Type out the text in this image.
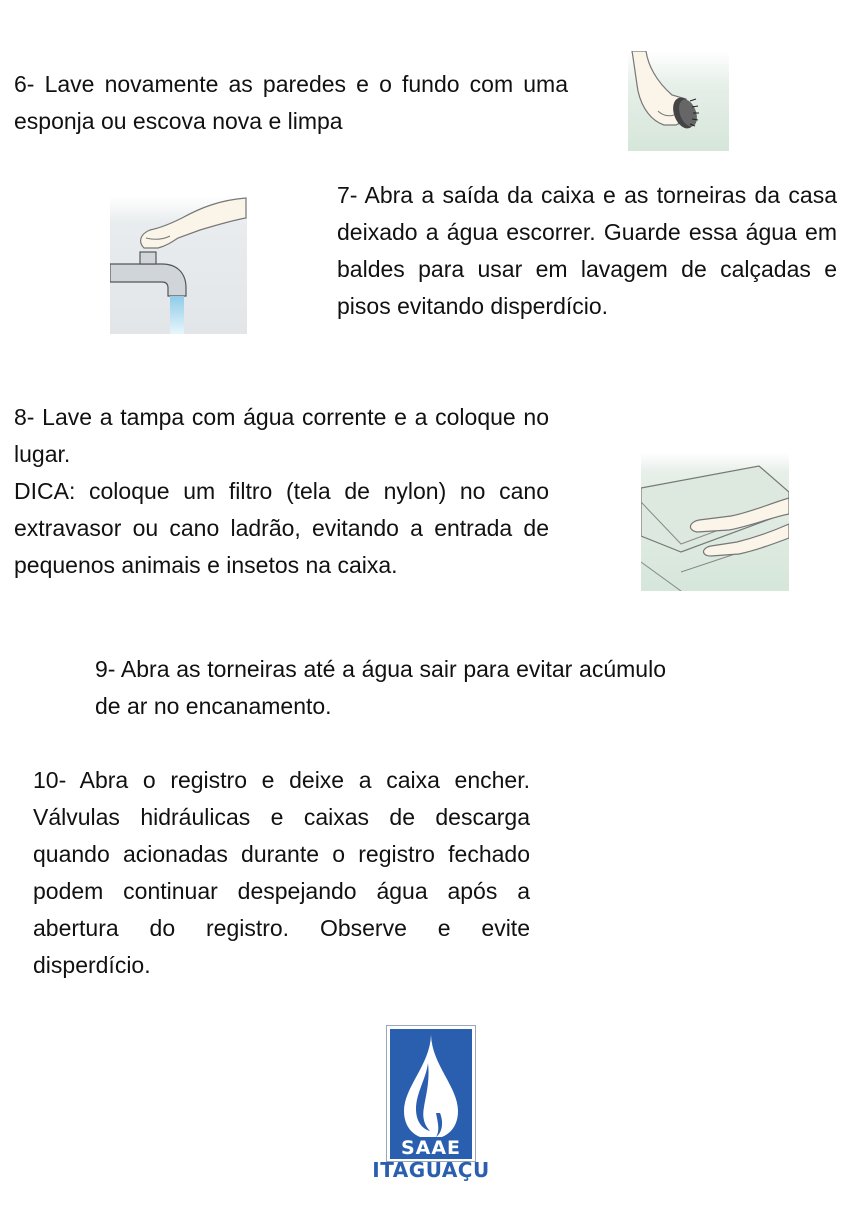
6- Lave novamente as paredes e o fundo com uma esponja ou escova nova e limpa

7- Abra a saída da caixa e as torneiras da casa deixado a água escorrer. Guarde essa água em baldes para usar em lavagem de calçadas e pisos evitando disperdício.

8- Lave a tampa com água corrente e a coloque no lugar.

DICA: coloque um filtro (tela de nylon) no cano extravasor ou cano ladrão, evitando a entrada de pequenos animais e insetos na caixa.

9- Abra as torneiras até a água sair para evitar acúmulo de ar no encanamento.

10- Abra o registro e deixe a caixa encher. Válvulas hidráulicas e caixas de descarga quando acionadas durante o registro fechado podem continuar despejando água após a abertura do registro. Observe e evite disperdício.

SAAE
ITAGUAÇU
